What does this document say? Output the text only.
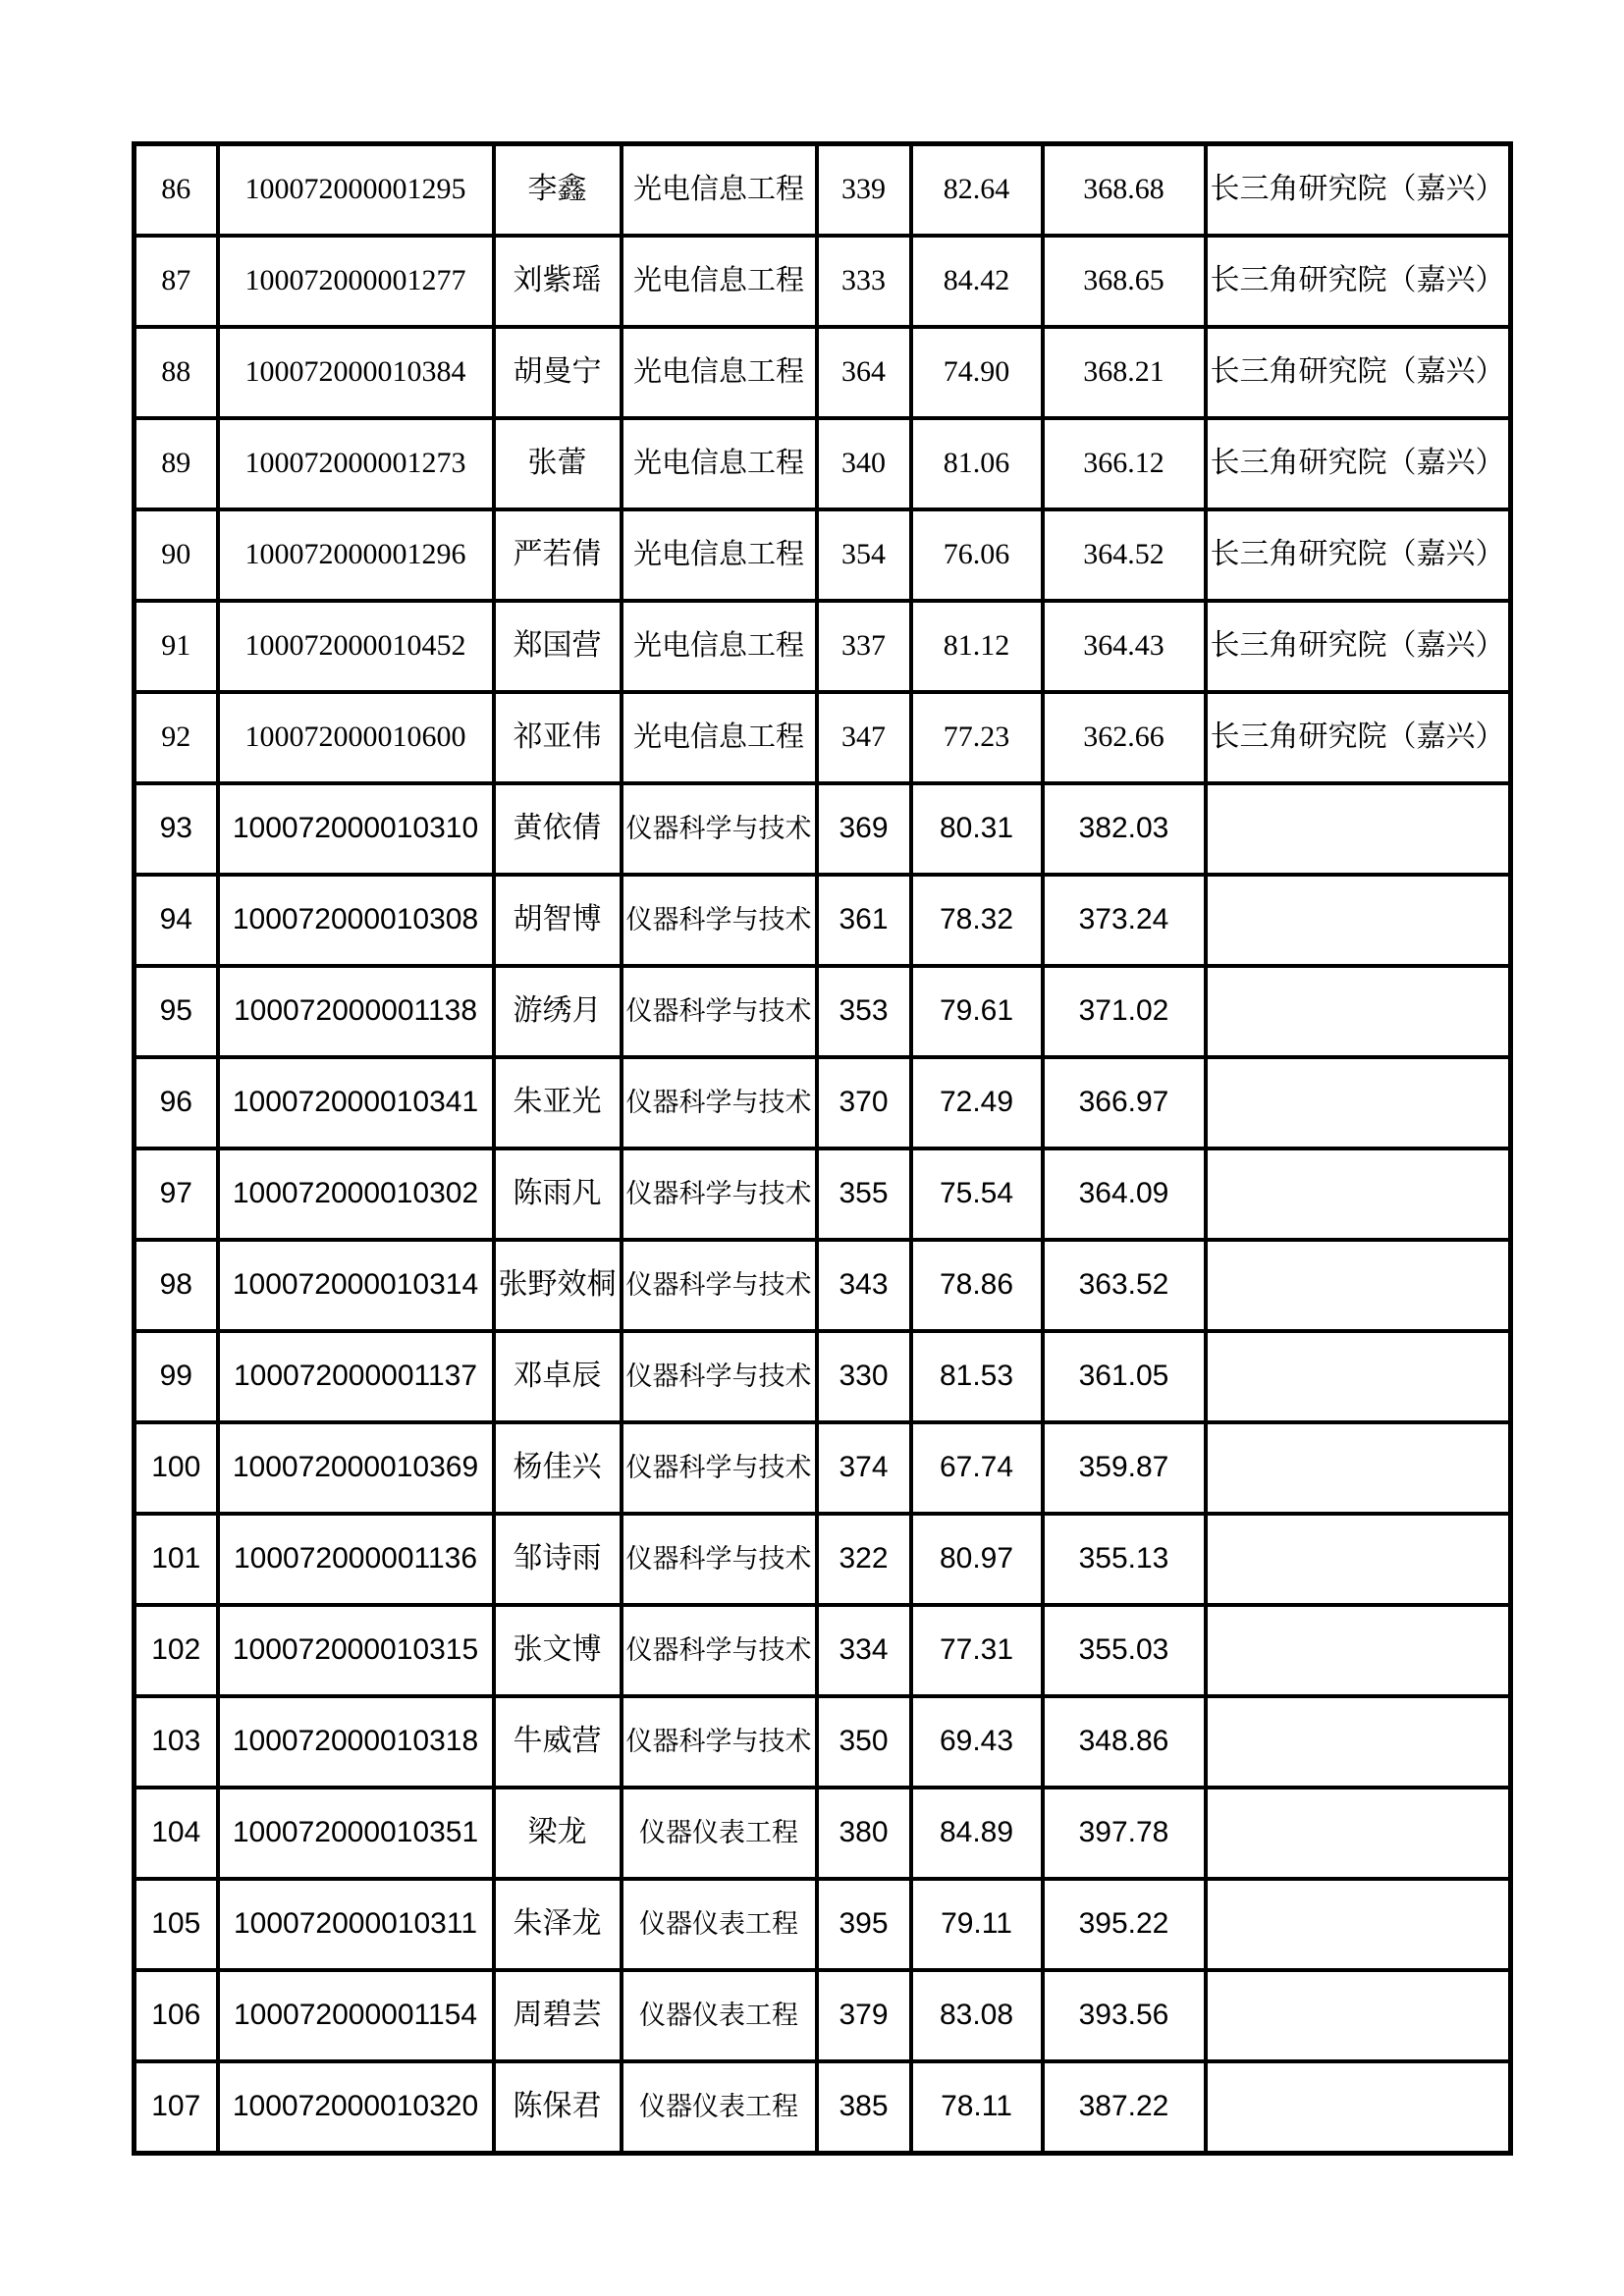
86	100072000001295	李鑫	光电信息工程	339	82.64	368.68	长三角研究院（嘉兴）
87	100072000001277	刘紫瑶	光电信息工程	333	84.42	368.65	长三角研究院（嘉兴）
88	100072000010384	胡曼宁	光电信息工程	364	74.90	368.21	长三角研究院（嘉兴）
89	100072000001273	张蕾	光电信息工程	340	81.06	366.12	长三角研究院（嘉兴）
90	100072000001296	严若倩	光电信息工程	354	76.06	364.52	长三角研究院（嘉兴）
91	100072000010452	郑国营	光电信息工程	337	81.12	364.43	长三角研究院（嘉兴）
92	100072000010600	祁亚伟	光电信息工程	347	77.23	362.66	长三角研究院（嘉兴）
93	100072000010310	黄依倩	仪器科学与技术	369	80.31	382.03	
94	100072000010308	胡智博	仪器科学与技术	361	78.32	373.24	
95	100072000001138	游绣月	仪器科学与技术	353	79.61	371.02	
96	100072000010341	朱亚光	仪器科学与技术	370	72.49	366.97	
97	100072000010302	陈雨凡	仪器科学与技术	355	75.54	364.09	
98	100072000010314	张野效桐	仪器科学与技术	343	78.86	363.52	
99	100072000001137	邓卓辰	仪器科学与技术	330	81.53	361.05	
100	100072000010369	杨佳兴	仪器科学与技术	374	67.74	359.87	
101	100072000001136	邹诗雨	仪器科学与技术	322	80.97	355.13	
102	100072000010315	张文博	仪器科学与技术	334	77.31	355.03	
103	100072000010318	牛威营	仪器科学与技术	350	69.43	348.86	
104	100072000010351	梁龙	仪器仪表工程	380	84.89	397.78	
105	100072000010311	朱泽龙	仪器仪表工程	395	79.11	395.22	
106	100072000001154	周碧芸	仪器仪表工程	379	83.08	393.56	
107	100072000010320	陈保君	仪器仪表工程	385	78.11	387.22	
